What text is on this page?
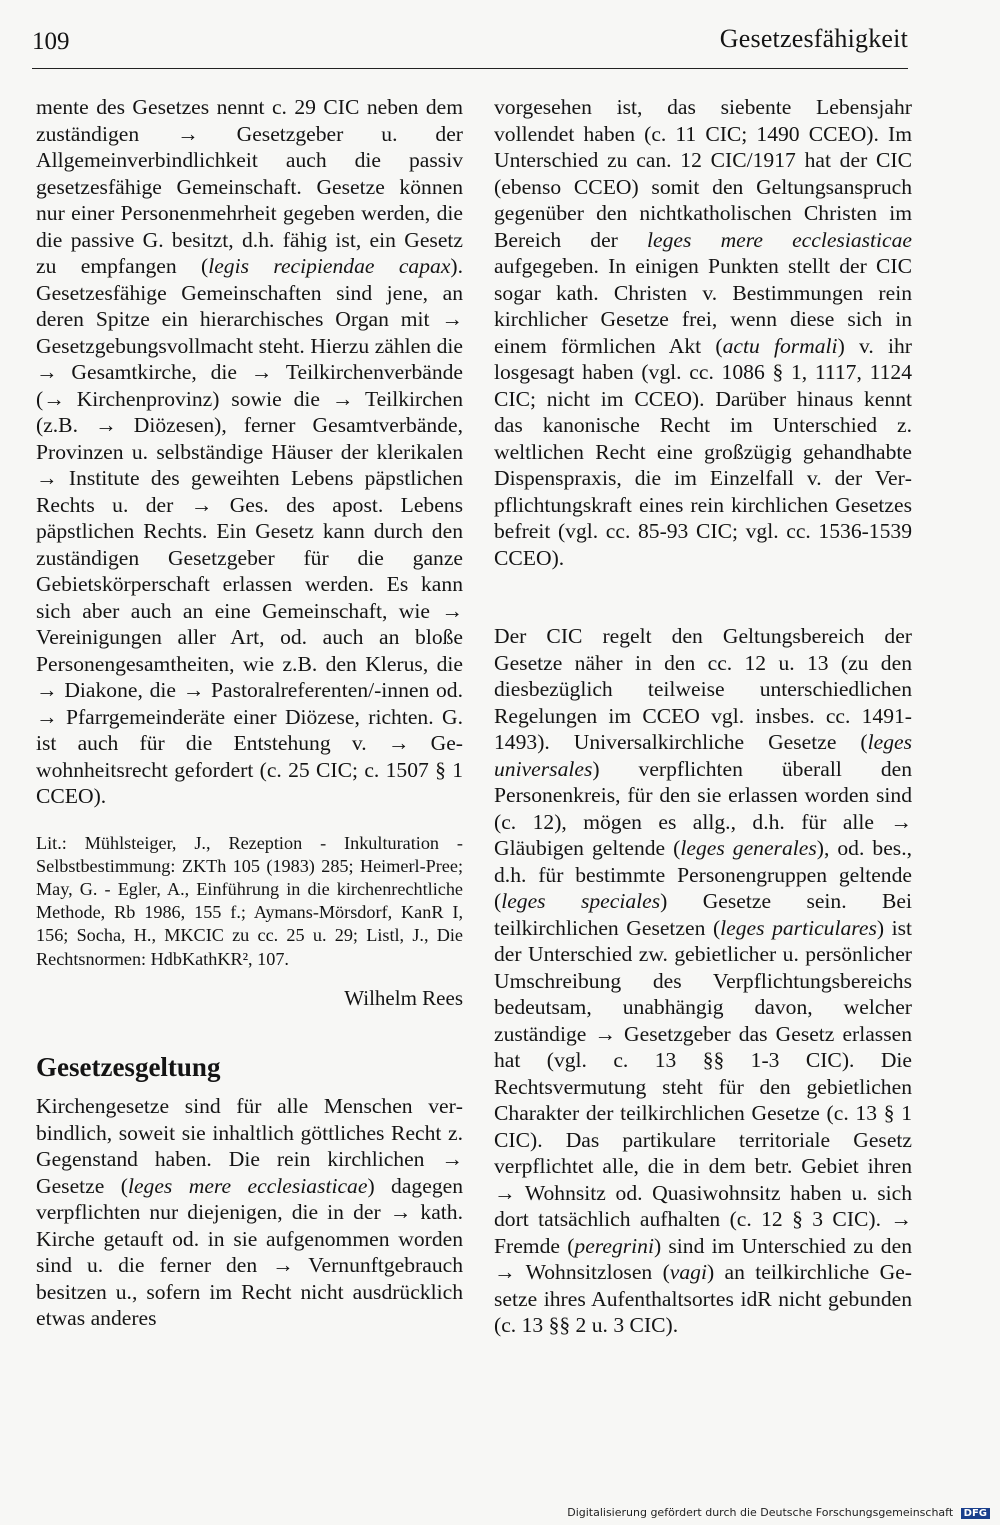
109	Gesetzesfähigkeit

mente des Gesetzes nennt c. 29 CIC neben dem zuständigen → Gesetzgeber u. der Allgemeinverbindlichkeit auch die passiv gesetzesfähige Gemeinschaft. Gesetze können nur einer Personenmehrheit gegeben werden, die die passive G. besitzt, d.h. fähig ist, ein Gesetz zu empfangen (legis recipiendae capax). Gesetzesfähige Gemeinschaften sind jene, an deren Spitze ein hierarchisches Organ mit → Gesetzgebungsvollmacht steht. Hierzu zählen die → Gesamtkirche, die → Teilkirchenverbände (→ Kirchenprovinz) sowie die → Teilkirchen (z.B. → Diözesen), ferner Gesamtverbände, Provinzen u. selbständige Häuser der klerikalen → Institute des geweihten Lebens päpstlichen Rechts u. der → Ges. des apost. Lebens päpstlichen Rechts. Ein Gesetz kann durch den zuständigen Gesetzgeber für die ganze Gebietskörperschaft erlassen werden. Es kann sich aber auch an eine Gemeinschaft, wie → Vereinigungen aller Art, od. auch an bloße Personengesamtheiten, wie z.B. den Klerus, die → Diakone, die → Pastoralreferenten/-innen od. → Pfarrgemeinderäte einer Diözese, richten. G. ist auch für die Entstehung v. → Gewohnheitsrecht gefordert (c. 25 CIC; c. 1507 § 1 CCEO).

Lit.: Mühlsteiger, J., Rezeption - Inkulturation - Selbstbestimmung: ZKTh 105 (1983) 285; Heimerl-Pree; May, G. - Egler, A., Einführung in die kirchenrechtliche Methode, Rb 1986, 155 f.; Aymans-Mörsdorf, KanR I, 156; Socha, H., MKCIC zu cc. 25 u. 29; Listl, J., Die Rechtsnormen: HdbKathKR², 107.

Wilhelm Rees

Gesetzesgeltung

Kirchengesetze sind für alle Menschen verbindlich, soweit sie inhaltlich göttliches Recht z. Gegenstand haben. Die rein kirchlichen → Gesetze (leges mere ecclesiasticae) dagegen verpflichten nur diejenigen, die in der → kath. Kirche getauft od. in sie aufgenommen worden sind u. die ferner den → Vernunftgebrauch besitzen u., sofern im Recht nicht ausdrücklich etwas anderes

vorgesehen ist, das siebente Lebensjahr vollendet haben (c. 11 CIC; 1490 CCEO). Im Unterschied zu can. 12 CIC/1917 hat der CIC (ebenso CCEO) somit den Geltungsanspruch gegenüber den nichtkatholischen Christen im Bereich der leges mere ecclesiasticae aufgegeben. In einigen Punkten stellt der CIC sogar kath. Christen v. Bestimmungen rein kirchlicher Gesetze frei, wenn diese sich in einem förmlichen Akt (actu formali) v. ihr losgesagt haben (vgl. cc. 1086 § 1, 1117, 1124 CIC; nicht im CCEO). Darüber hinaus kennt das kanonische Recht im Unterschied z. weltlichen Recht eine großzügig gehandhabte Dispenspraxis, die im Einzelfall v. der Verpflichtungskraft eines rein kirchlichen Gesetzes befreit (vgl. cc. 85-93 CIC; vgl. cc. 1536-1539 CCEO).

Der CIC regelt den Geltungsbereich der Gesetze näher in den cc. 12 u. 13 (zu den diesbezüglich teilweise unterschiedlichen Regelungen im CCEO vgl. insbes. cc. 1491-1493). Universalkirchliche Gesetze (leges universales) verpflichten überall den Personenkreis, für den sie erlassen worden sind (c. 12), mögen es allg., d.h. für alle → Gläubigen geltende (leges generales), od. bes., d.h. für bestimmte Personengruppen geltende (leges speciales) Gesetze sein. Bei teilkirchlichen Gesetzen (leges particulares) ist der Unterschied zw. gebietlicher u. persönlicher Umschreibung des Verpflichtungsbereichs bedeutsam, unabhängig davon, welcher zuständige → Gesetzgeber das Gesetz erlassen hat (vgl. c. 13 §§ 1-3 CIC). Die Rechtsvermutung steht für den gebietlichen Charakter der teilkirchlichen Gesetze (c. 13 § 1 CIC). Das partikulare territoriale Gesetz verpflichtet alle, die in dem betr. Gebiet ihren → Wohnsitz od. Quasiwohnsitz haben u. sich dort tatsächlich aufhalten (c. 12 § 3 CIC). → Fremde (peregrini) sind im Unterschied zu den → Wohnsitzlosen (vagi) an teilkirchliche Gesetze ihres Aufenthaltsortes idR nicht gebunden (c. 13 §§ 2 u. 3 CIC).

Digitalisierung gefördert durch die Deutsche Forschungsgemeinschaft DFG
